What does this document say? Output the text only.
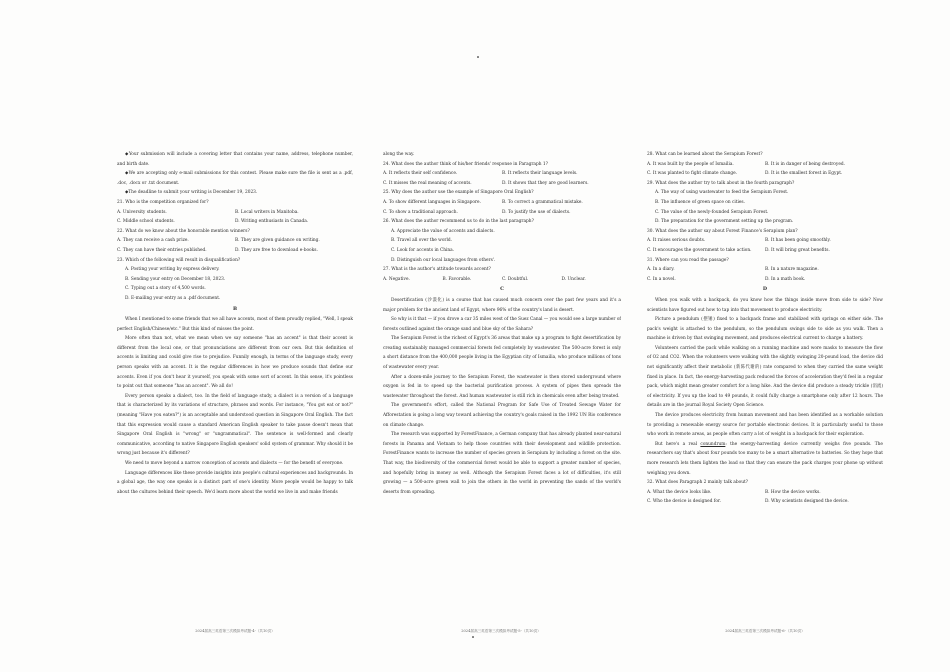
◆Your submission will include a covering letter that contains your name, address, telephone number, and birth date.

◆We are accepting only e-mail submissions for this contest. Please make sure the file is sent as a .pdf, .doc, .docx or .txt document.

◆The deadline to submit your writing is December 19, 2023.

21. Who is the competition organized for?

A. University students.	B. Local writers in Manitoba.
C. Middle school students.	D. Writing enthusiasts in Canada.

22. What do we know about the honorable mention winners?

A. They can receive a cash prize.	B. They are given guidance on writing.
C. They can have their entries published.	D. They are free to download e-books.

23. Which of the following will result in disqualification?

A. Posting your writing by express delivery.

B. Sending your entry on December 18, 2023.

C. Typing out a story of 4,500 words.

D. E-mailing your entry as a .pdf document.

B

When I mentioned to some friends that we all have accents, most of them proudly replied, "Well, I speak perfect English/Chinese/etc." But this kind of misses the point.

More often than not, what we mean when we say someone "has an accent" is that their accent is different from the local one, or that pronunciations are different from our own. But this definition of accents is limiting and could give rise to prejudice. Funnily enough, in terms of the language study, every person speaks with an accent. It is the regular differences in how we produce sounds that define our accents. Even if you don't hear it yourself, you speak with some sort of accent. In this sense, it's pointless to point out that someone "has an accent". We all do!

Every person speaks a dialect, too. In the field of language study, a dialect is a version of a language that is characterized by its variations of structure, phrases and words. For instance, "You got eat or not?" (meaning "Have you eaten?") is an acceptable and understood question in Singapore Oral English. The fact that this expression would cause a standard American English speaker to take pause doesn't mean that Singapore Oral English is "wrong" or "ungrammatical". The sentence is well-formed and clearly communicative, according to native Singapore English speakers' solid system of grammar. Why should it be wrong just because it's different?

We need to move beyond a narrow conception of accents and dialects — for the benefit of everyone.

Language differences like these provide insights into people's cultural experiences and backgrounds. In a global age, the way one speaks is a distinct part of one's identity. More people would be happy to talk about the cultures behind their speech. We'd learn more about the world we live in and make friends

along the way.

24. What does the author think of his/her friends' response in Paragraph 1?

A. It reflects their self confidence.	B. It reflects their language levels.
C. It misses the real meaning of accents.	D. It shows that they are good learners.

25. Why does the author use the example of Singapore Oral English?

A. To show different languages in Singapore.	B. To correct a grammatical mistake.
C. To show a traditional approach.	D. To justify the use of dialects.

26. What does the author recommend us to do in the last paragraph?

A. Appreciate the value of accents and dialects.

B. Travel all over the world.

C. Look for accents in China.

D. Distinguish our local languages from others'.

27. What is the author's attitude towards accent?

A. Negative.	B. Favorable.	C. Doubtful.	D. Unclear.
C

Desertification (沙漠化) is a course that has caused much concern over the past few years and it's a major problem for the ancient land of Egypt, where 96% of the country's land is desert.

So why is it that — if you drove a car 35 miles west of the Suez Canal — you would see a large number of forests outlined against the orange sand and blue sky of the Sahara?

The Serapium Forest is the richest of Egypt's 36 areas that make up a program to fight desertification by creating sustainably managed commercial forests fed completely by wastewater. The 500-acre forest is only a short distance from the 400,000 people living in the Egyptian city of Ismailia, who produce millions of tons of wastewater every year.

After a dozen-mile journey to the Serapium Forest, the wastewater is then stored underground where oxygen is fed in to speed up the bacterial purification process. A system of pipes then spreads the wastewater throughout the forest. And human wastewater is still rich in chemicals even after being treated.

The government's effort, called the National Program for Safe Use of Treated Sewage Water for Afforestation is going a long way toward achieving the country's goals raised in the 1992 UN Rio conference on climate change.

The research was supported by ForestFinance, a German company that has already planted near-natural forests in Panama and Vietnam to help those countries with their development and wildlife protection. ForestFinance wants to increase the number of species grown in Serapium by including a forest on the site. That way, the biodiversity of the commercial forest would be able to support a greater number of species, and hopefully bring in money as well. Although the Serapium Forest faces a lot of difficulties, it's still growing — a 500-acre green wall to join the others in the world in preventing the sands of the world's deserts from spreading.

28. What can be learned about the Serapium Forest?

A. It was built by the people of Ismailia.	B. It is in danger of being destroyed.
C. It was planted to fight climate change.	D. It is the smallest forest in Egypt.

29. What does the author try to talk about in the fourth paragraph?

A. The way of using wastewater to feed the Serapium Forest.

B. The influence of green space on cities.

C. The value of the newly-founded Serapium Forest.

D. The preparation for the government setting up the program.

30. What does the author say about Forest Finance's Serapium plan?

A. It raises serious doubts.	B. It has been going smoothly.
C. It encourages the government to take action.	D. It will bring great benefits.

31. Where can you read the passage?

A. In a diary.	B. In a nature magazine.
C. In a novel.	D. In a math book.
D

When you walk with a backpack, do you know how the things inside move from side to side? Now scientists have figured out how to tap into that movement to produce electricity.

Picture a pendulum (摆锤) fixed to a backpack frame and stabilized with springs on either side. The pack's weight is attached to the pendulum, so the pendulum swings side to side as you walk. Then a machine is driven by that swinging movement, and produces electrical current to charge a battery.

Volunteers carried the pack while walking on a running machine and wore masks to measure the flow of O2 and CO2. When the volunteers were walking with the slightly swinging 20-pound load, the device did not significantly affect their metabolic (新陈代谢的) rate compared to when they carried the same weight fixed in place. In fact, the energy-harvesting pack reduced the forces of acceleration they'd feel in a regular pack, which might mean greater comfort for a long hike. And the device did produce a steady trickle (涓流) of electricity. If you up the load to 49 pounds, it could fully charge a smartphone only after 12 hours. The details are in the journal Royal Society Open Science.

The device produces electricity from human movement and has been identified as a workable solution to providing a renewable energy source for portable electronic devices. It is particularly useful to those who work in remote areas, as people often carry a lot of weight in a backpack for their exploration.

But here's a real conundrum: the energy-harvesting device currently weighs five pounds. The researchers say that's about four pounds too many to be a smart alternative to batteries. So they hope that more research lets them lighten the load so that they can ensure the pack charges your phone up without weighing you down.

32. What does Paragraph 2 mainly talk about?

A. What the device looks like.	B. How the device works.
C. Who the device is designed for.	D. Why scientists designed the device.
2024届高三英语第三次模拟考试题-4-（共10页）	2024届高三英语第三次模拟考试题-5-（共10页）	2024届高三英语第三次模拟考试题-6-（共10页）
